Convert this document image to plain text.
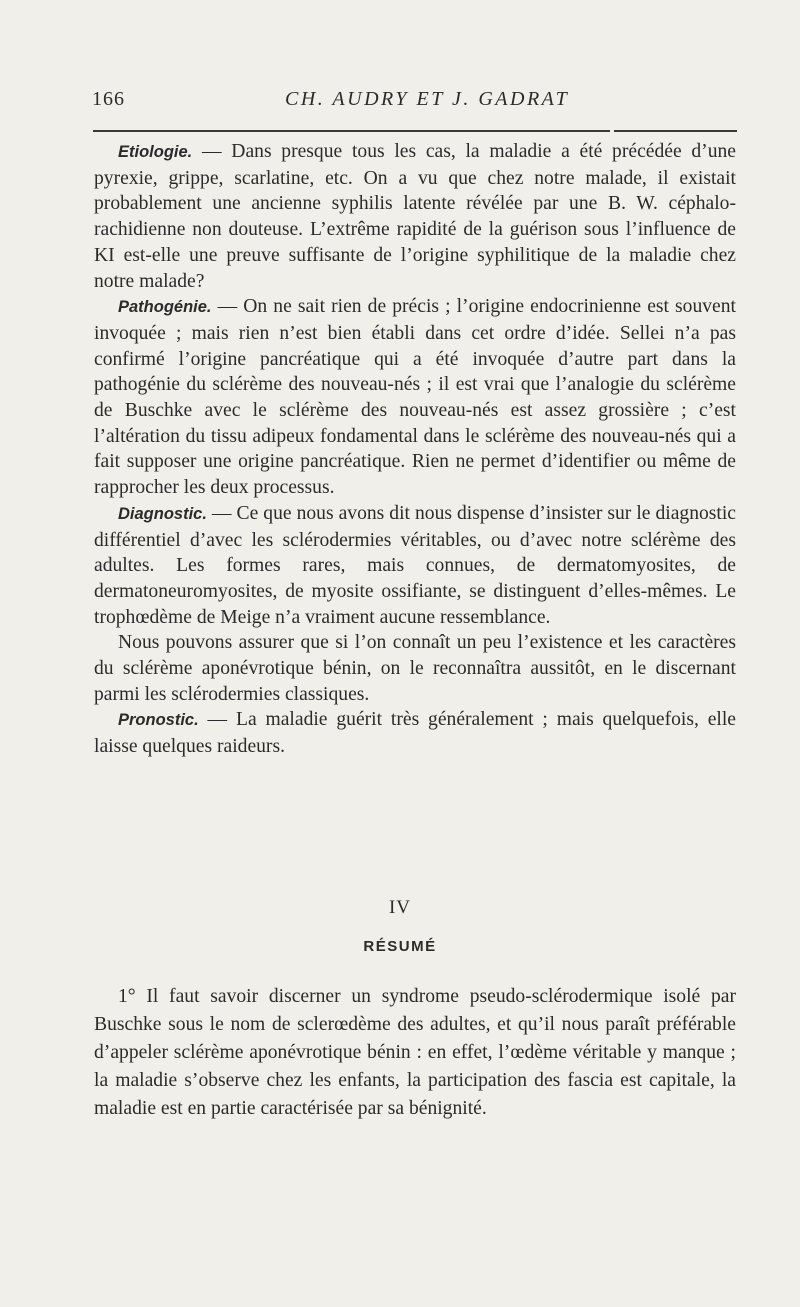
166	CH. AUDRY ET J. GADRAT

Etiologie. — Dans presque tous les cas, la maladie a été précédée d’une pyrexie, grippe, scarlatine, etc. On a vu que chez notre malade, il existait probablement une ancienne syphilis latente révélée par une B. W. céphalo-rachidienne non douteuse. L’extrême rapidité de la guérison sous l’influence de KI est-elle une preuve suffisante de l’origine syphilitique de la maladie chez notre malade?

Pathogénie. — On ne sait rien de précis ; l’origine endocrinienne est souvent invoquée ; mais rien n’est bien établi dans cet ordre d’idée. Sellei n’a pas confirmé l’origine pancréatique qui a été invoquée d’autre part dans la pathogénie du sclérème des nouveau-nés ; il est vrai que l’analogie du sclérème de Buschke avec le sclérème des nouveau-nés est assez grossière ; c’est l’altération du tissu adipeux fondamental dans le sclérème des nouveau-nés qui a fait supposer une origine pancréatique. Rien ne permet d’identifier ou même de rapprocher les deux processus.

Diagnostic. — Ce que nous avons dit nous dispense d’insister sur le diagnostic différentiel d’avec les sclérodermies véritables, ou d’avec notre sclérème des adultes. Les formes rares, mais connues, de dermatomyosites, de dermatoneuromyosites, de myosite ossifiante, se distinguent d’elles-mêmes. Le trophœdème de Meige n’a vraiment aucune ressemblance.

Nous pouvons assurer que si l’on connaît un peu l’existence et les caractères du sclérème aponévrotique bénin, on le reconnaîtra aussitôt, en le discernant parmi les sclérodermies classiques.

Pronostic. — La maladie guérit très généralement ; mais quelquefois, elle laisse quelques raideurs.

IV
RÉSUMÉ

1° Il faut savoir discerner un syndrome pseudo-sclérodermique isolé par Buschke sous le nom de sclerœdème des adultes, et qu’il nous paraît préférable d’appeler sclérème aponévrotique bénin : en effet, l’œdème véritable y manque ; la maladie s’observe chez les enfants, la participation des fascia est capitale, la maladie est en partie caractérisée par sa bénignité.
